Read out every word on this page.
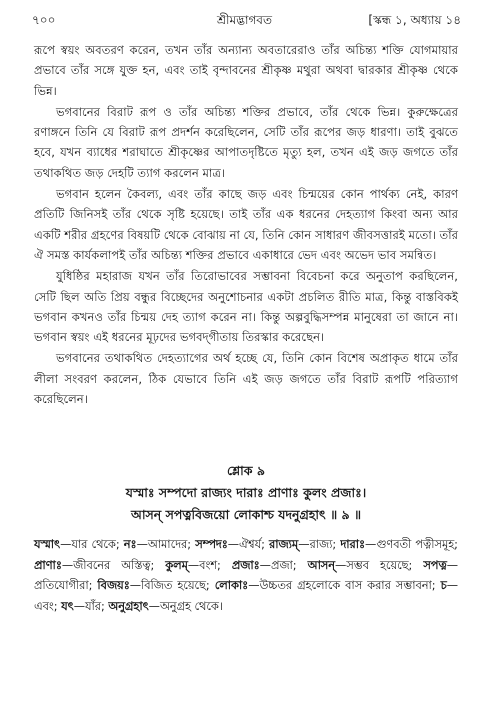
৭০০	শ্রীমদ্ভাগবত	[স্কন্ধ ১, অধ্যায় ১৪

রূপে স্বয়ং অবতরণ করেন, তখন তাঁর অন্যান্য অবতারেরাও তাঁর অচিন্ত্য শক্তি যোগমায়ার প্রভাবে তাঁর সঙ্গে যুক্ত হন, এবং তাই বৃন্দাবনের শ্রীকৃষ্ণ মথুরা অথবা দ্বারকার শ্রীকৃষ্ণ থেকে ভিন্ন।

ভগবানের বিরাট রূপ ও তাঁর অচিন্ত্য শক্তির প্রভাবে, তাঁর থেকে ভিন্ন। কুরুক্ষেত্রের রণাঙ্গনে তিনি যে বিরাট রূপ প্রদর্শন করেছিলেন, সেটি তাঁর রূপের জড় ধারণা। তাই বুঝতে হবে, যখন ব্যাধের শরাঘাতে শ্রীকৃষ্ণের আপাতদৃষ্টিতে মৃত্যু হল, তখন এই জড় জগতে তাঁর তথাকথিত জড় দেহটি ত্যাগ করলেন মাত্র।

ভগবান হলেন কৈবল্য, এবং তাঁর কাছে জড় এবং চিন্ময়ের কোন পার্থক্য নেই, কারণ প্রতিটি জিনিসই তাঁর থেকে সৃষ্টি হয়েছে। তাই তাঁর এক ধরনের দেহত্যাগ কিংবা অন্য আর একটি শরীর গ্রহণের বিষয়টি থেকে বোঝায় না যে, তিনি কোন সাধারণ জীবসত্তারই মতো। তাঁর ঐ সমস্ত কার্যকলাপই তাঁর অচিন্ত্য শক্তির প্রভাবে একাধারে ভেদ এবং অভেদ ভাব সমন্বিত।

যুধিষ্ঠির মহারাজ যখন তাঁর তিরোভাবের সম্ভাবনা বিবেচনা করে অনুতাপ করছিলেন, সেটি ছিল অতি প্রিয় বন্ধুর বিচ্ছেদের অনুশোচনার একটা প্রচলিত রীতি মাত্র, কিন্তু বাস্তবিকই ভগবান কখনও তাঁর চিন্ময় দেহ ত্যাগ করেন না। কিন্তু অল্পবুদ্ধিসম্পন্ন মানুষেরা তা জানে না। ভগবান স্বয়ং এই ধরনের মূঢ়দের ভগবদ্‌গীতায় তিরস্কার করেছেন।

ভগবানের তথাকথিত দেহত্যাগের অর্থ হচ্ছে যে, তিনি কোন বিশেষ অপ্রাকৃত ধামে তাঁর লীলা সংবরণ করলেন, ঠিক যেভাবে তিনি এই জড় জগতে তাঁর বিরাট রূপটি পরিত্যাগ করেছিলেন।

শ্লোক ৯
যস্মাঃ সম্পদো রাজ্যং দারাঃ প্রাণাঃ কুলং প্রজাঃ।
আসন্‌ সপত্নবিজয়ো লোকাশ্চ যদনুগ্রহাৎ ॥ ৯ ॥
যস্মাৎ—যার থেকে; নঃ—আমাদের; সম্পদঃ—ঐশ্বর্য; রাজ্যম্‌—রাজ্য; দারাঃ—গুণবতী পত্নীসমূহ; প্রাণাঃ—জীবনের অস্তিত্ব; কুলম্‌—বংশ; প্রজাঃ—প্রজা; আসন্‌—সম্ভব হয়েছে; সপত্ন—প্রতিযোগীরা; বিজয়ঃ—বিজিত হয়েছে; লোকাঃ—উচ্চতর গ্রহলোকে বাস করার সম্ভাবনা; চ—এবং; যৎ—যাঁর; অনুগ্রহাৎ—অনুগ্রহ থেকে।
